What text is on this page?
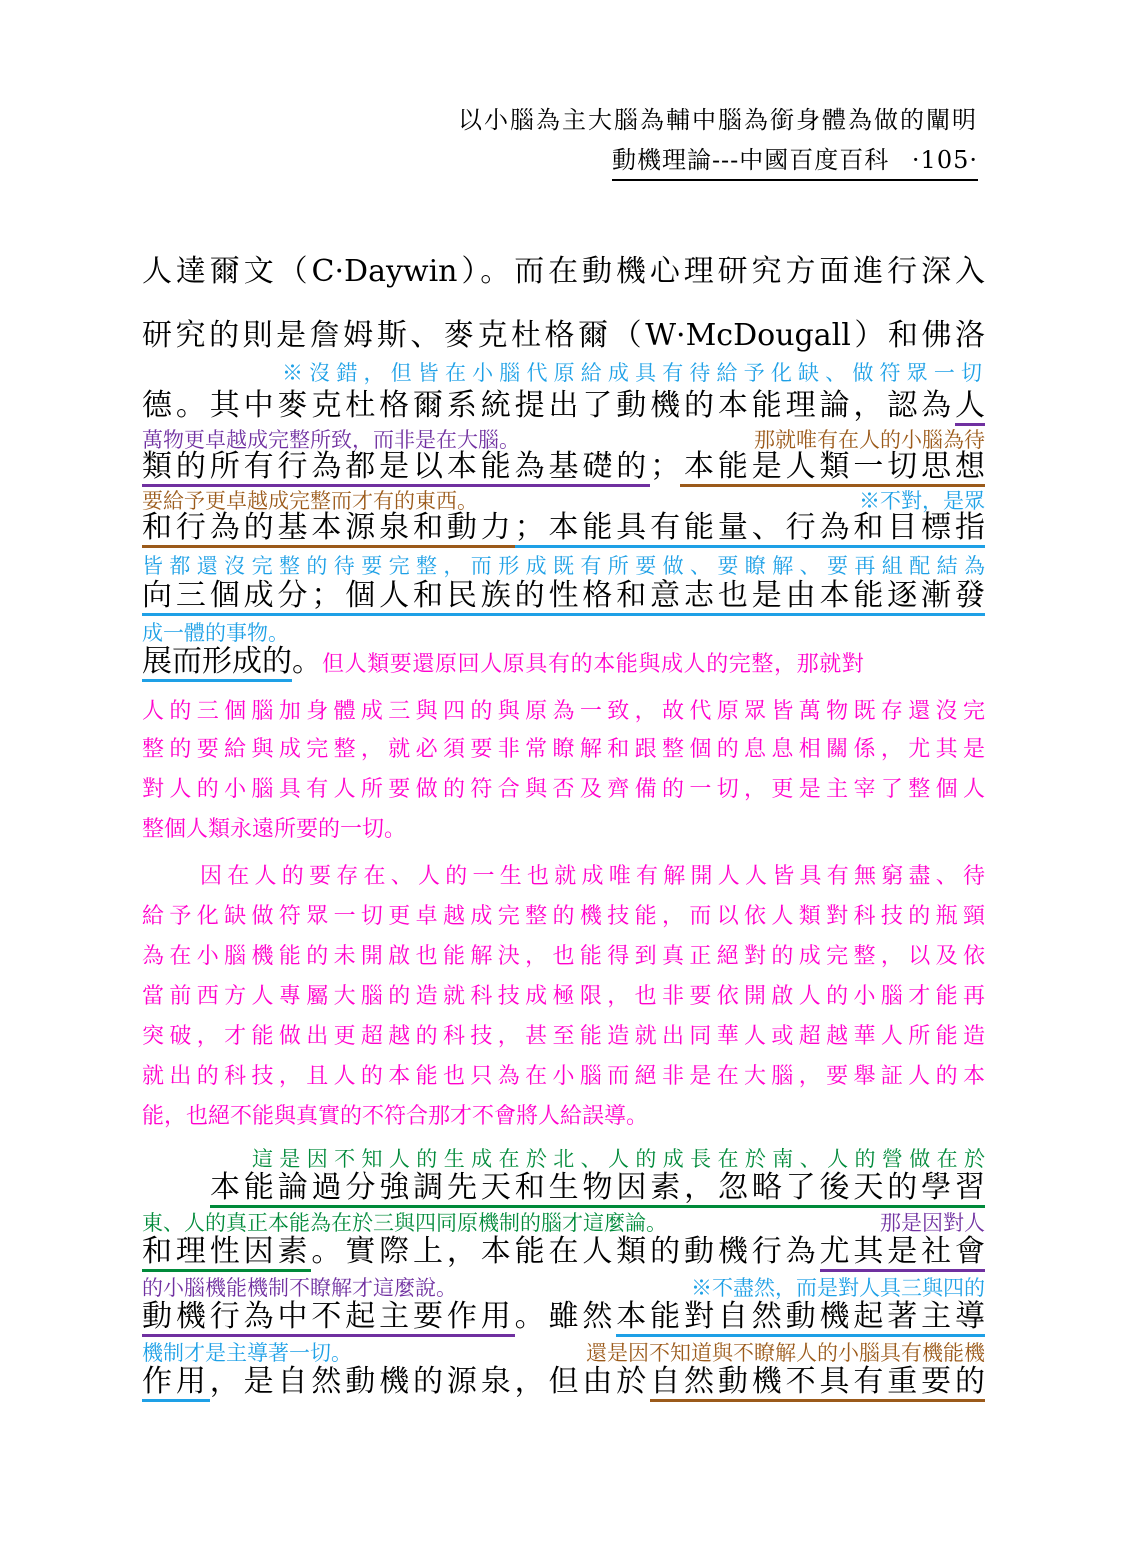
以小腦為主大腦為輔中腦為銜身體為做的闡明
動機理論---中國百度百科 ·105·
人達爾文（C·Daywin）。而在動機心理研究方面進行深入
研究的則是詹姆斯、麥克杜格爾（W·McDougall）和佛洛
※沒錯，但皆在小腦代原給成具有待給予化缺、做符眾一切
德。其中麥克杜格爾系統提出了動機的本能理論，認為人
萬物更卓越成完整所致，而非是在大腦。	那就唯有在人的小腦為待
類的所有行為都是以本能為基礎的；本能是人類一切思想
要給予更卓越成完整而才有的東西。	※不對，是眾
和行為的基本源泉和動力；本能具有能量、行為和目標指
皆都還沒完整的待要完整，而形成既有所要做、要瞭解、要再組配結為
向三個成分；個人和民族的性格和意志也是由本能逐漸發
成一體的事物。
展而形成的。但人類要還原回人原具有的本能與成人的完整，那就對
人的三個腦加身體成三與四的與原為一致，故代原眾皆萬物既存還沒完
整的要給與成完整，就必須要非常瞭解和跟整個的息息相關係，尤其是
對人的小腦具有人所要做的符合與否及齊備的一切，更是主宰了整個人
整個人類永遠所要的一切。
因在人的要存在、人的一生也就成唯有解開人人皆具有無窮盡、待
給予化缺做符眾一切更卓越成完整的機技能，而以依人類對科技的瓶頸
為在小腦機能的未開啟也能解決，也能得到真正絕對的成完整，以及依
當前西方人專屬大腦的造就科技成極限，也非要依開啟人的小腦才能再
突破，才能做出更超越的科技，甚至能造就出同華人或超越華人所能造
就出的科技，且人的本能也只為在小腦而絕非是在大腦，要舉証人的本
能，也絕不能與真實的不符合那才不會將人給誤導。
這是因不知人的生成在於北、人的成長在於南、人的營做在於
本能論過分強調先天和生物因素，忽略了後天的學習
東、人的真正本能為在於三與四同原機制的腦才這麼論。	那是因對人
和理性因素。實際上，本能在人類的動機行為尤其是社會
的小腦機能機制不瞭解才這麼說。	※不盡然，而是對人具三與四的
動機行為中不起主要作用。雖然本能對自然動機起著主導
機制才是主導著一切。	還是因不知道與不瞭解人的小腦具有機能機
作用，是自然動機的源泉，但由於自然動機不具有重要的
